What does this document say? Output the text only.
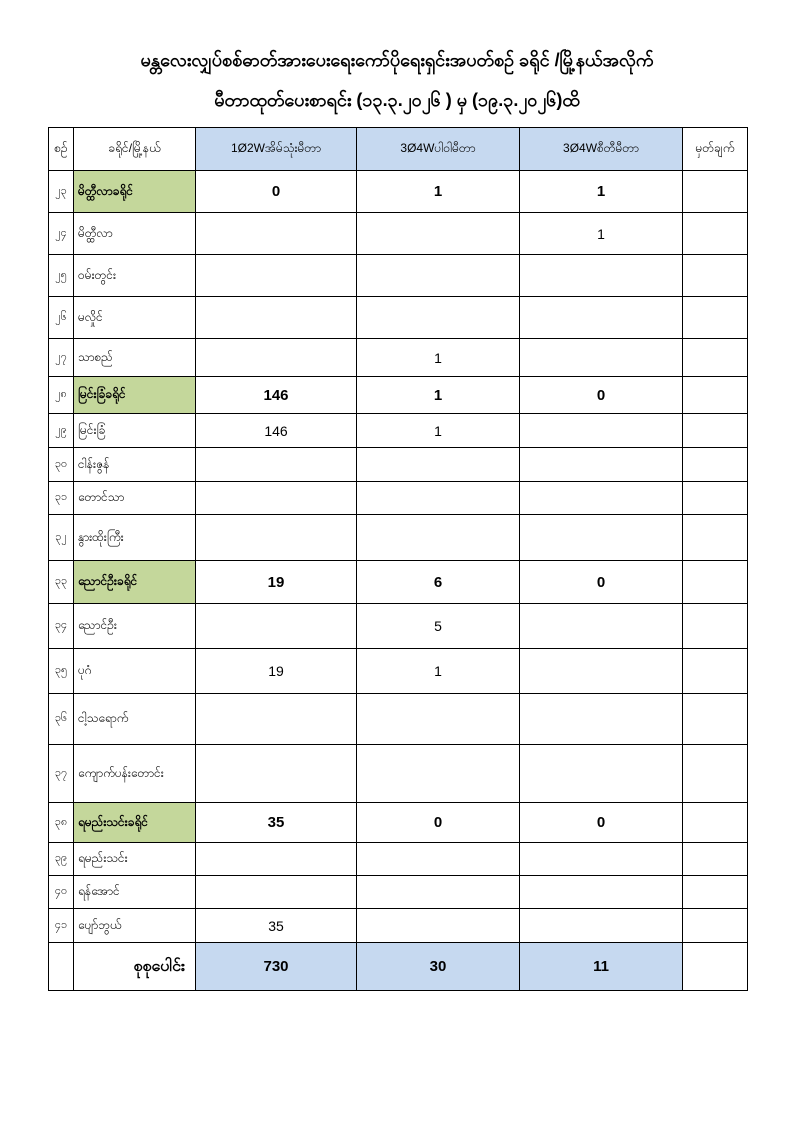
မန္တလေးလျှပ်စစ်ဓာတ်အားပေးရေးကော်ပိုရေးရှင်းအပတ်စဉ် ခရိုင် /မြို့နယ်အလိုက်
မီတာထုတ်ပေးစာရင်း (၁၃.၃.၂၀၂၆ ) မှ (၁၉.၃.၂၀၂၆)ထိ
စဉ်	ခရိုင်/မြို့နယ်	1Ø2Wအိမ်သုံးမီတာ	3Ø4Wပါဝါမီတာ	3Ø4Wစီတီမီတာ	မှတ်ချက်
၂၃	မိတ္ထီလာခရိုင်	0	1	1	
၂၄	မိတ္ထီလာ			1	
၂၅	ဝမ်းတွင်း				
၂၆	မလှိုင်				
၂၇	သာစည်		1		
၂၈	မြင်းခြံခရိုင်	146	1	0	
၂၉	မြင်းခြံ	146	1		
၃၀	ငါန်းဇွန်				
၃၁	တောင်သာ				
၃၂	နွားထိုးကြီး				
၃၃	ညောင်ဦးခရိုင်	19	6	0	
၃၄	ညောင်ဦး		5		
၃၅	ပုဂံ	19	1		
၃၆	ငါ့သရောက်				
၃၇	ကျောက်ပန်းတောင်း				
၃၈	ရမည်းသင်းခရိုင်	35	0	0	
၃၉	ရမည်းသင်း				
၄၀	ရန်အောင်				
၄၁	ပျော်ဘွယ်	35			
	စုစုပေါင်း	730	30	11	
